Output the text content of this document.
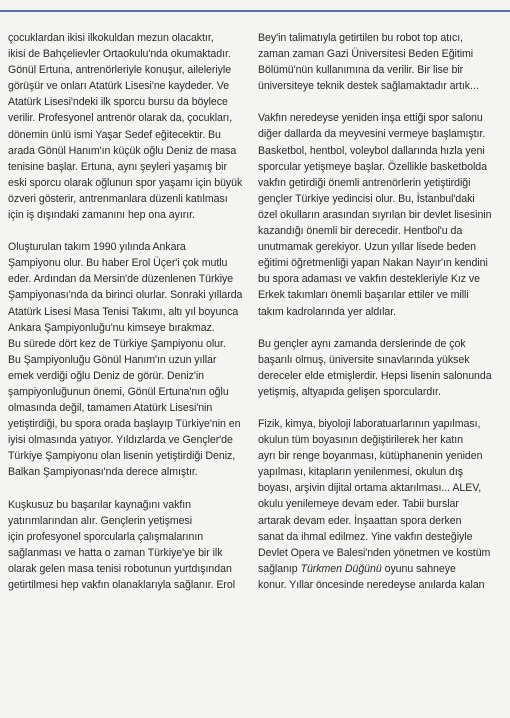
çocuklardan ikisi ilkokuldan mezun olacaktır,
ikisi de Bahçelievler Ortaokulu'nda okumaktadır.
Gönül Ertuna, antrenörleriyle konuşur, aileleriyle
görüşür ve onları Atatürk Lisesi'ne kaydeder. Ve
Atatürk Lisesi'ndeki ilk sporcu bursu da böylece
verilir. Profesyonel antrenör olarak da, çocukları,
dönemin ünlü ismi Yaşar Sedef eğitecektir. Bu
arada Gönül Hanım'ın küçük oğlu Deniz de masa
tenisine başlar. Ertuna, aynı şeyleri yaşamış bir
eski sporcu olarak oğlunun spor yaşamı için büyük
özveri gösterir, antrenmanlara düzenli katılması
için iş dışındaki zamanını hep ona ayırır.
Oluşturulan takım 1990 yılında Ankara
Şampiyonu olur. Bu haber Erol Üçer'i çok mutlu
eder. Ardından da Mersin'de düzenlenen Türkiye
Şampiyonası'nda da birinci olurlar. Sonraki yıllarda
Atatürk Lisesi Masa Tenisi Takımı, altı yıl boyunca
Ankara Şampiyonluğu'nu kimseye bırakmaz.
Bu sürede dört kez de Türkiye Şampiyonu olur.
Bu Şampiyonluğu Gönül Hanım'ın uzun yıllar
emek verdiği oğlu Deniz de görür. Deniz'in
şampiyonluğunun önemi, Gönül Ertuna'nın oğlu
olmasında değil, tamamen Atatürk Lisesi'nin
yetiştirdiği, bu spora orada başlayıp Türkiye'nin en
iyisi olmasında yatıyor. Yıldızlarda ve Gençler'de
Türkiye Şampiyonu olan lisenin yetiştirdiği Deniz,
Balkan Şampiyonası'nda derece almıştır.
Kuşkusuz bu başarılar kaynağını vakfın
yatırımlarından alır. Gençlerin yetişmesi
için profesyonel sporcularla çalışmalarının
sağlanması ve hatta o zaman Türkiye'ye bir ilk
olarak gelen masa tenisi robotunun yurtdışından
getirtilmesi hep vakfın olanaklarıyla sağlanır. Erol
Bey'in talimatıyla getirtilen bu robot top atıcı,
zaman zaman Gazi Üniversitesi Beden Eğitimi
Bölümü'nün kullanımına da verilir. Bir lise bir
üniversiteye teknik destek sağlamaktadır artık...
Vakfın neredeyse yeniden inşa ettiği spor salonu
diğer dallarda da meyvesini vermeye başlamıştır.
Basketbol, hentbol, voleybol dallarında hızla yeni
sporcular yetişmeye başlar. Özellikle basketbolda
vakfın getirdiği önemli antrenörlerin yetiştirdiği
gençler Türkiye yedincisi olur. Bu, İstanbul'daki
özel okulların arasından sıyrılan bir devlet lisesinin
kazandığı önemli bir derecedir. Hentbol'u da
unutmamak gerekiyor. Uzun yıllar lisede beden
eğitimi öğretmenliği yapan Nakan Nayır'ın kendini
bu spora adaması ve vakfın destekleriyle Kız ve
Erkek takımları önemli başarılar ettiler ve milli
takım kadrolarında yer aldılar.
Bu gençler aynı zamanda derslerinde de çok
başarılı olmuş, üniversite sınavlarında yüksek
dereceler elde etmişlerdir. Hepsi lisenin salonunda
yetişmiş, altyapıda gelişen sporculardır.
Fizik, kimya, biyoloji laboratuarlarının yapılması,
okulun tüm boyasının değiştirilerek her katın
ayrı bir renge boyanması, kütüphanenin yeniden
yapılması, kitapların yenilenmesi, okulun dış
boyası, arşivin dijital ortama aktarılması... ALEV,
okulu yenilemeye devam eder. Tabii burslar
artarak devam eder. İnşaattan spora derken
sanat da ihmal edilmez. Yine vakfın desteğiyle
Devlet Opera ve Balesi'nden yönetmen ve kostüm
sağlanıp Türkmen Düğünü oyunu sahneye
konur. Yıllar öncesinde neredeyse anılarda kalan
